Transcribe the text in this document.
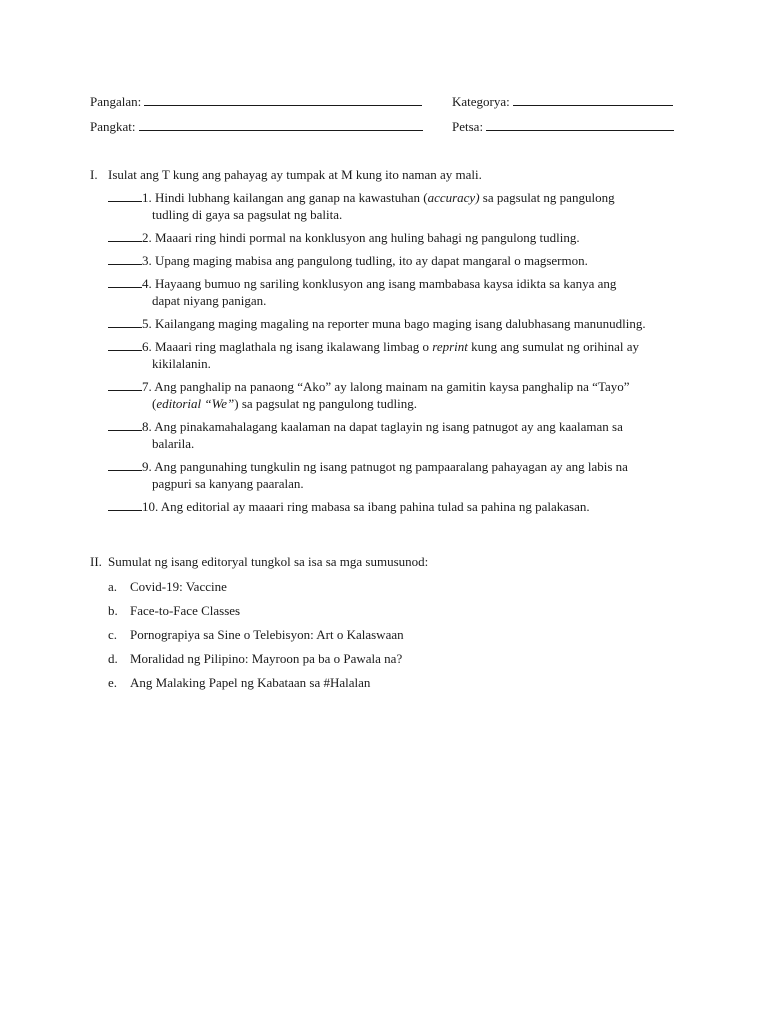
Pangalan:	Kategorya:
Pangkat:	Petsa:
I. Isulat ang T kung ang pahayag ay tumpak at M kung ito naman ay mali.
1. Hindi lubhang kailangan ang ganap na kawastuhan (accuracy) sa pagsulat ng pangulong
tudling di gaya sa pagsulat ng balita.
2. Maaari ring hindi pormal na konklusyon ang huling bahagi ng pangulong tudling.
3. Upang maging mabisa ang pangulong tudling, ito ay dapat mangaral o magsermon.
4. Hayaang bumuo ng sariling konklusyon ang isang mambabasa kaysa idikta sa kanya ang
dapat niyang panigan.
5. Kailangang maging magaling na reporter muna bago maging isang dalubhasang manunudling.
6. Maaari ring maglathala ng isang ikalawang limbag o reprint kung ang sumulat ng orihinal ay
kikilalanin.
7. Ang panghalip na panaong “Ako” ay lalong mainam na gamitin kaysa panghalip na “Tayo”
(editorial “We”) sa pagsulat ng pangulong tudling.
8. Ang pinakamahalagang kaalaman na dapat taglayin ng isang patnugot ay ang kaalaman sa
balarila.
9. Ang pangunahing tungkulin ng isang patnugot ng pampaaralang pahayagan ay ang labis na
pagpuri sa kanyang paaralan.
10. Ang editorial ay maaari ring mabasa sa ibang pahina tulad sa pahina ng palakasan.
II. Sumulat ng isang editoryal tungkol sa isa sa mga sumusunod:
a. Covid-19: Vaccine
b. Face-to-Face Classes
c. Pornograpiya sa Sine o Telebisyon: Art o Kalaswaan
d. Moralidad ng Pilipino: Mayroon pa ba o Pawala na?
e. Ang Malaking Papel ng Kabataan sa #Halalan
